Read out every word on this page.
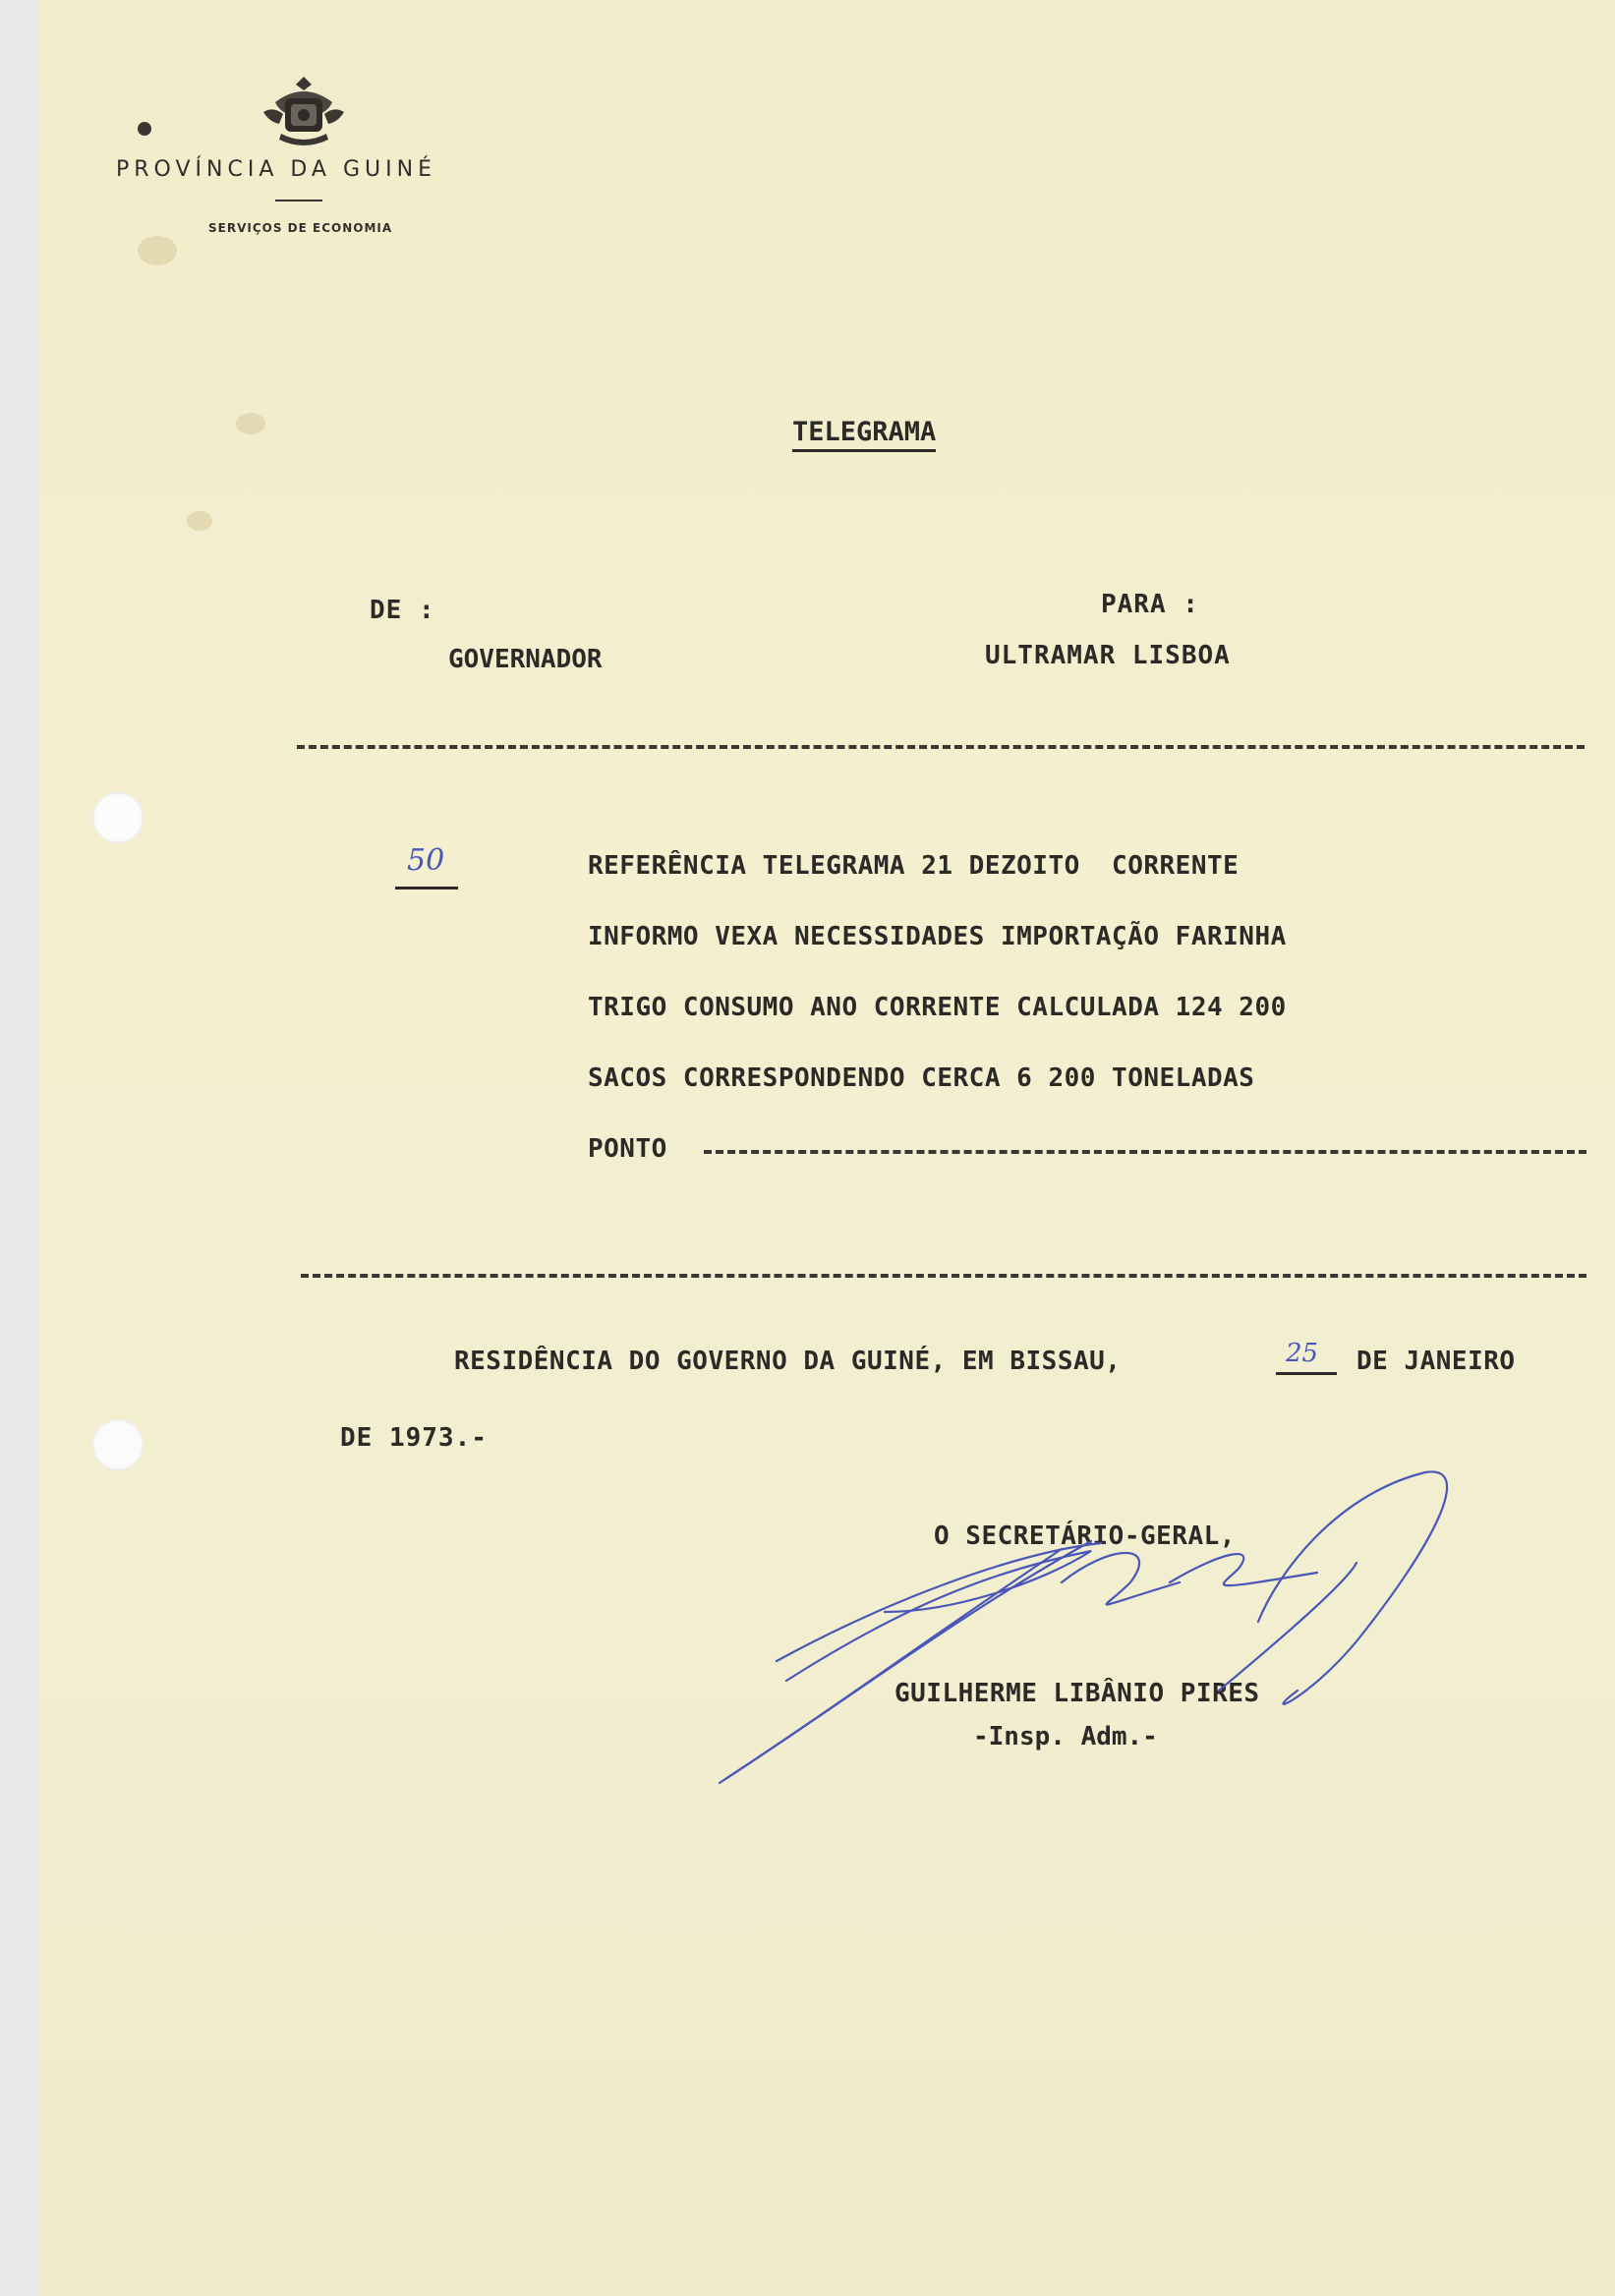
PROVÍNCIA DA GUINÉ
SERVIÇOS DE ECONOMIA
TELEGRAMA
DE :
GOVERNADOR
PARA :
ULTRAMAR LISBOA
50	REFERÊNCIA TELEGRAMA 21 DEZOITO  CORRENTE
INFORMO VEXA NECESSIDADES IMPORTAÇÃO FARINHA
TRIGO CONSUMO ANO CORRENTE CALCULADA 124 200
SACOS CORRESPONDENDO CERCA 6 200 TONELADAS
PONTO
RESIDÊNCIA DO GOVERNO DA GUINÉ, EM BISSAU,	25 DE JANEIRO
DE 1973.-
O SECRETÁRIO-GERAL,
GUILHERME LIBÂNIO PIRES
-Insp. Adm.-
